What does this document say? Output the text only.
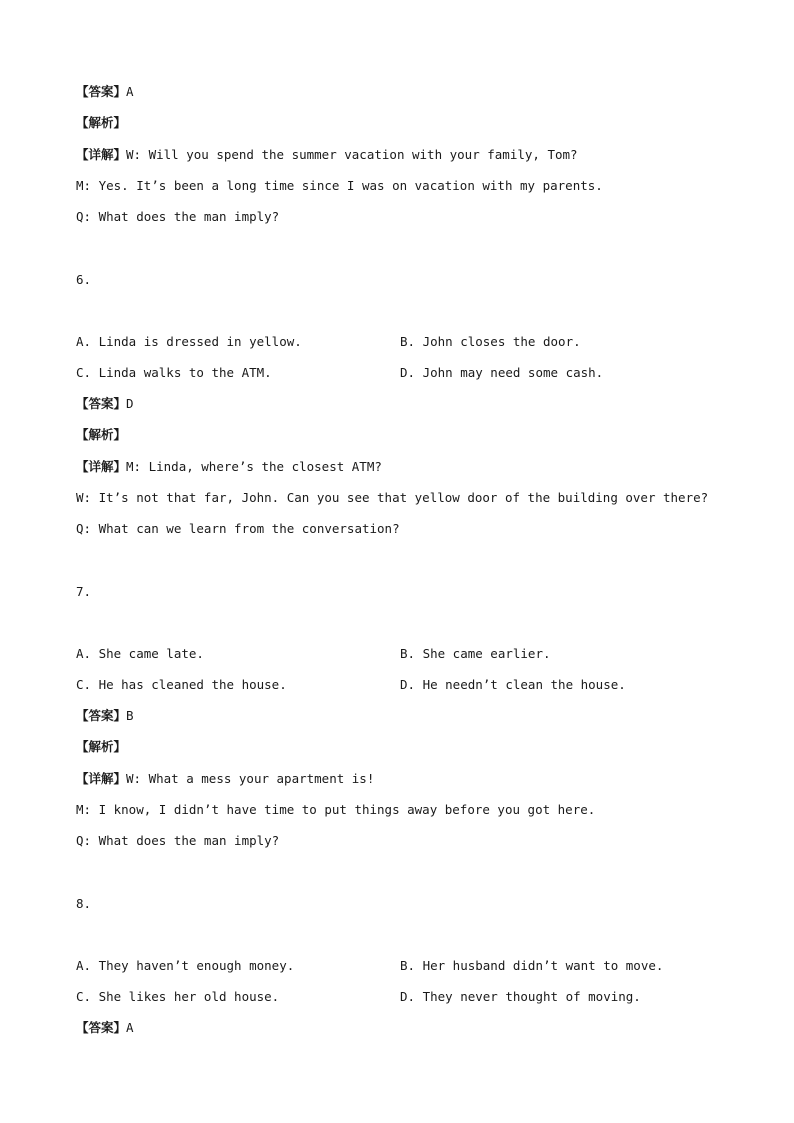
【答案】A
【解析】
【详解】W: Will you spend the summer vacation with your family, Tom?
M: Yes. It’s been a long time since I was on vacation with my parents.
Q: What does the man imply?
6.
A. Linda is dressed in yellow.	B. John closes the door.
C. Linda walks to the ATM.	D. John may need some cash.
【答案】D
【解析】
【详解】M: Linda, where’s the closest ATM?
W: It’s not that far, John. Can you see that yellow door of the building over there?
Q: What can we learn from the conversation?
7.
A. She came late.	B. She came earlier.
C. He has cleaned the house.	D. He needn’t clean the house.
【答案】B
【解析】
【详解】W: What a mess your apartment is!
M: I know, I didn’t have time to put things away before you got here.
Q: What does the man imply?
8.
A. They haven’t enough money.	B. Her husband didn’t want to move.
C. She likes her old house.	D. They never thought of moving.
【答案】A
